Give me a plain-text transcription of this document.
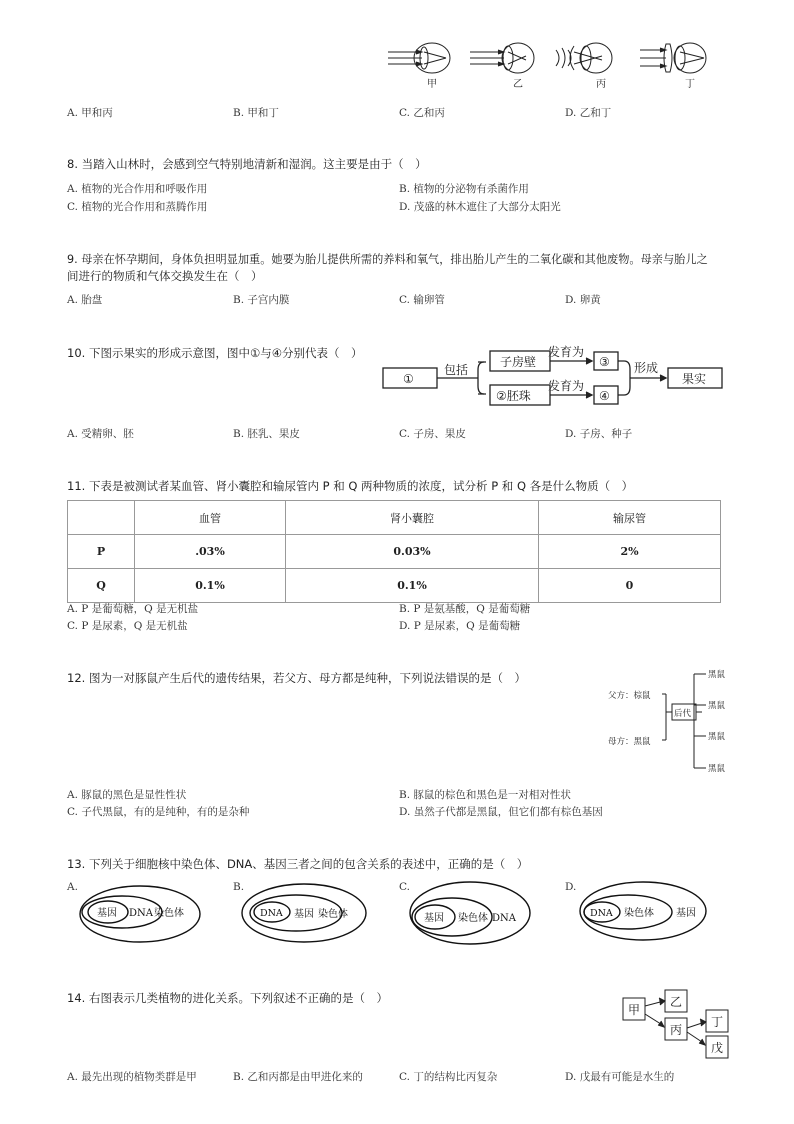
甲	乙	丙	丁
A. 甲和丙	B. 甲和丁	C. 乙和丙	D. 乙和丁
8. 当踏入山林时，会感到空气特别地清新和湿润。这主要是由于（　）
A. 植物的光合作用和呼吸作用	B. 植物的分泌物有杀菌作用
C. 植物的光合作用和蒸腾作用	D. 茂盛的林木遮住了大部分太阳光
9. 母亲在怀孕期间，身体负担明显加重。她要为胎儿提供所需的养料和氧气，排出胎儿产生的二氧化碳和其他废物。母亲与胎儿之
间进行的物质和气体交换发生在（　）
A. 胎盘	B. 子宫内膜	C. 输卵管	D. 卵黄
10. 下图示果实的形成示意图，图中①与④分别代表（　）
①
包括
子房壁
②胚珠
发育为
发育为
③
④
形成
果实
A. 受精卵、胚	B. 胚乳、果皮	C. 子房、果皮	D. 子房、种子
11. 下表是被测试者某血管、肾小囊腔和输尿管内 P 和 Q 两种物质的浓度，试分析 P 和 Q 各是什么物质（　）
	血管	肾小囊腔	输尿管
P	.03%	0.03%	2%
Q	0.1%	0.1%	0
A. P 是葡萄糖，Q 是无机盐	B. P 是氨基酸，Q 是葡萄糖
C. P 是尿素，Q 是无机盐	D. P 是尿素，Q 是葡萄糖
12. 图为一对豚鼠产生后代的遗传结果，若父方、母方都是纯种，下列说法错误的是（　）
父方：棕鼠
母方：黑鼠
后代
黑鼠
黑鼠
黑鼠
黑鼠
A. 豚鼠的黑色是显性性状	B. 豚鼠的棕色和黑色是一对相对性状
C. 子代黑鼠，有的是纯种，有的是杂种	D. 虽然子代都是黑鼠，但它们都有棕色基因
13. 下列关于细胞核中染色体、DNA、基因三者之间的包含关系的表述中，正确的是（　）
A.
基因 DNA 染色体
B.
DNA 基因 染色体
C.
基因 染色体 DNA
D.
DNA 染色体 基因
14. 右图表示几类植物的进化关系。下列叙述不正确的是（　）
甲
乙
丙
丁
戊
A. 最先出现的植物类群是甲	B. 乙和丙都是由甲进化来的	C. 丁的结构比丙复杂	D. 戊最有可能是水生的
